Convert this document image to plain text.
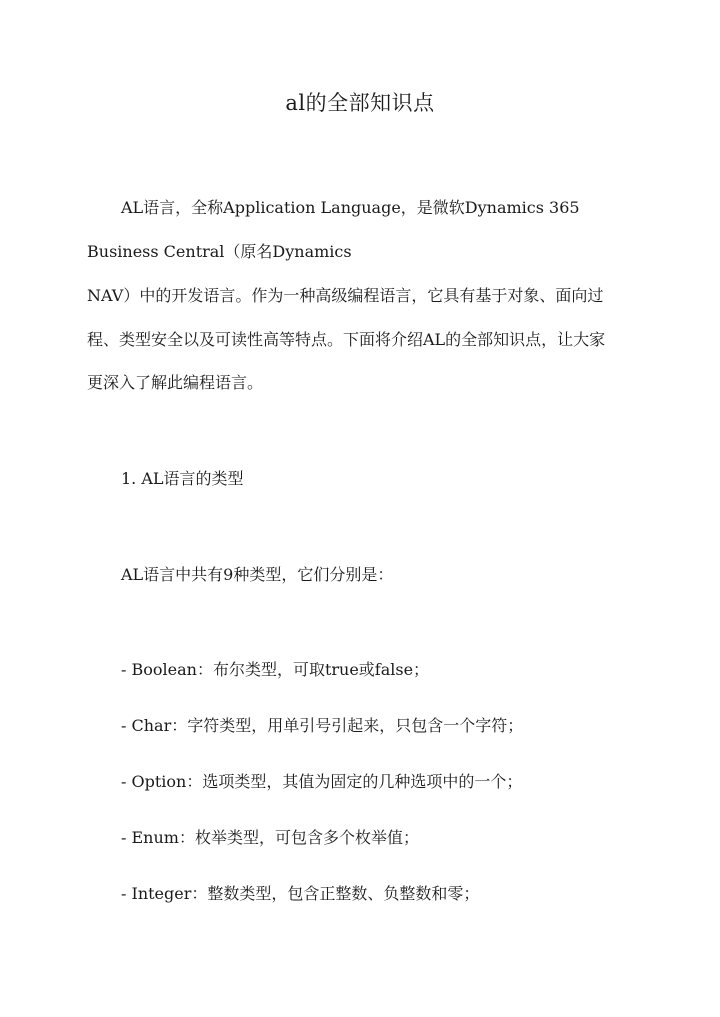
al的全部知识点
AL语言，全称Application Language，是微软Dynamics 365
Business Central（原名Dynamics
NAV）中的开发语言。作为一种高级编程语言，它具有基于对象、面向过
程、类型安全以及可读性高等特点。下面将介绍AL的全部知识点，让大家
更深入了解此编程语言。
1. AL语言的类型
AL语言中共有9种类型，它们分别是：
- Boolean：布尔类型，可取true或false；
- Char：字符类型，用单引号引起来，只包含一个字符；
- Option：选项类型，其值为固定的几种选项中的一个；
- Enum：枚举类型，可包含多个枚举值；
- Integer：整数类型，包含正整数、负整数和零；
